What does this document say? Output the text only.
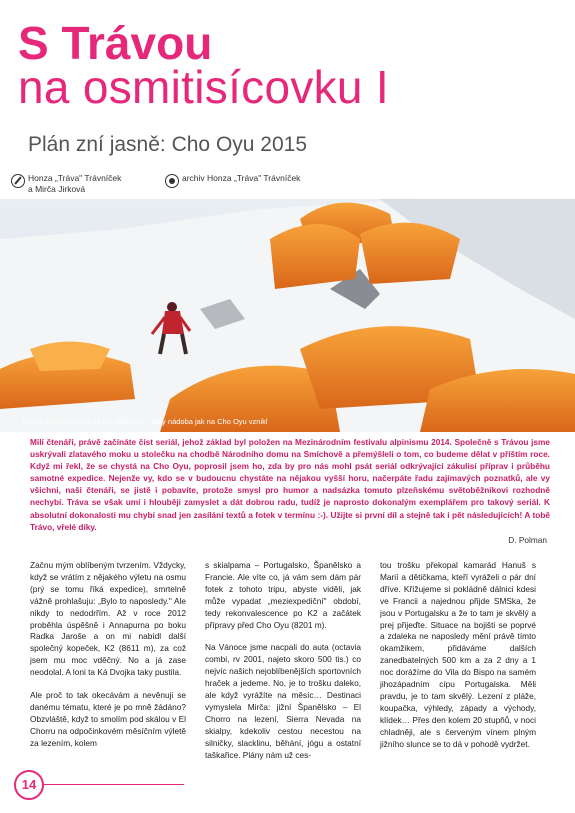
S Trávou
na osmitisícovku I
Plán zní jasně: Cho Oyu 2015
Honza „Tráva" Trávníček
a Mirča Jirková
archiv Honza „Tráva" Trávníček
Druhý výškový tábor na K2 (6800 m) – taky nádoba jak na Cho Oyu vznikl
Milí čtenáři, právě začínáte číst seriál, jehož základ byl položen na Mezinárodním festivalu alpinismu 2014. Společně s Trávou jsme uskrývali zlatavého moku u stolečku na chodbě Národního domu na Smíchově a přemýšleli o tom, co budeme dělat v příštím roce. Když mi řekl, že se chystá na Cho Oyu, poprosil jsem ho, zda by pro nás mohl psát seriál odkrývající zákulisí příprav i průběhu samotné expedice. Nejenže vy, kdo se v budoucnu chystáte na nějakou vyšší horu, načerpáte řadu zajímavých poznatků, ale vy všichni, naši čtenáři, se jistě i pobavíte, protože smysl pro humor a nadsázka tomuto plzeňskému světoběžníkovi rozhodně nechybí. Tráva se však umí i hlouběji zamyslet a dát dobrou radu, tudíž je naprosto dokonalým exemplářem pro takový seriál. K absolutní dokonalosti mu chybí snad jen zasílání textů a fotek v termínu :-). Užijte si první díl a stejně tak i pět následujících! A tobě Trávo, vřelé díky.
D. Polman

Začnu mým oblíbeným tvrzením. Vždycky, když se vrátím z nějakého výletu na osmu (prý se tomu říká expedice), smrtelně vážně prohlašuju: „Bylo to naposledy." Ale nikdy to nedodrřím. Až v roce 2012 proběhla úspěšně i Annapurna po boku Radka Jaroše a on mi nabídl další společný kopeček, K2 (8611 m), za což jsem mu moc vděčný. No a já zase neodolal. A loni ta Ká Dvojka taky pustila.

Ale proč to tak okecávám a nevěnuji se danému tématu, které je po mně žádáno? Obzvláště, když to smolím pod skálou v El Chorru na odpočinkovém měsíčním výletě za lezením, kolem

s skialpama – Portugalsko, Španělsko a Francie. Ale víte co, já vám sem dám pár fotek z tohoto tripu, abyste viděli, jak může vypadat „meziexpediční" období, tedy rekonvalescence po K2 a začátek přípravy před Cho Oyu (8201 m).

Na Vánoce jsme nacpali do auta (octavia combi, rv 2001, najeto skoro 500 tis.) co nejvíc našich nejoblíbenějších sportovních hraček a jedeme. No, je to trošku daleko, ale když vyrážíte na měsíc… Destinaci vymyslela Mirča: jižní Španělsko – El Chorro na lezení, Sierra Nevada na skialpy, kdekoliv cestou necestou na silničky, slacklinu, běhání, jógu a ostatní taškařice. Plány nám už ces-

tou trošku překopal kamarád Hanuš s Marií a dětičkama, kteří vyráželi o pár dní dříve. Křížujeme si pokládně dálnici kdesi ve Francii a najednou přijde SMSka, že jsou v Portugalsku a že to tam je skvělý a prej přijeďte. Situace na bojišti se poprvé a zdaleka ne naposledy mění právě tímto okamžikem, přidáváme dalších zanedbatelných 500 km a za 2 dny a 1 noc dorážíme do Vila do Bispo na samém jihozápadním cípu Portugalska. Měli pravdu, je to tam skvělý. Lezení z pláže, koupačka, výhledy, západy a východy, klídek… Přes den kolem 20 stupňů, v noci chladněji, ale s červeným vínem plným jižního slunce se to dá v pohodě vydržet.

14
